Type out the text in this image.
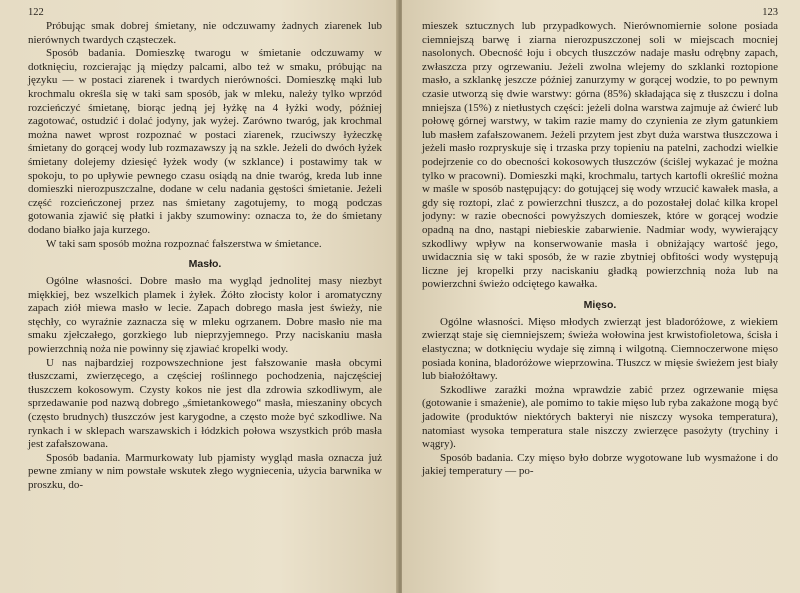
122

Próbując smak dobrej śmietany, nie odczuwamy żadnych ziarenek lub nierównych twardych cząsteczek.

Sposób badania. Domieszkę twarogu w śmietanie odczuwamy w dotknięciu, rozcierając ją między palcami, albo też w smaku, próbując na języku — w postaci ziarenek i twardych nierówności. Domieszkę mąki lub krochmalu określa się w taki sam sposób, jak w mleku, należy tylko wprzód rozcieńczyć śmietanę, biorąc jedną jej łyżkę na 4 łyżki wody, później zagotować, ostudzić i dolać jodyny, jak wyżej. Zarówno twaróg, jak krochmal można nawet wprost rozpoznać w postaci ziarenek, rzuciwszy łyżeczkę śmietany do gorącej wody lub rozmazawszy ją na szkle. Jeżeli do dwóch łyżek śmietany dolejemy dziesięć łyżek wody (w szklance) i postawimy tak w spokoju, to po upływie pewnego czasu osiądą na dnie twaróg, kreda lub inne domieszki nierozpuszczalne, dodane w celu nadania gęstości śmietanie. Jeżeli część rozcieńczonej przez nas śmietany zagotujemy, to mogą podczas gotowania zjawić się płatki i jakby szumowiny: oznacza to, że do śmietany dodano białko jaja kurzego.

W taki sam sposób można rozpoznać fałszerstwa w śmietance.

Masło.

Ogólne własności. Dobre masło ma wygląd jednolitej masy niezbyt miękkiej, bez wszelkich plamek i żyłek. Żółto złocisty kolor i aromatyczny zapach ziół miewa masło w lecie. Zapach dobrego masła jest świeży, nie stęchły, co wyraźnie zaznacza się w mleku ogrzanem. Dobre masło nie ma smaku zjełczałego, gorzkiego lub nieprzyjemnego. Przy naciskaniu masła powierzchnią noża nie powinny się zjawiać kropelki wody.

U nas najbardziej rozpowszechnione jest fałszowanie masła obcymi tłuszczami, zwierzęcego, a częściej roślinnego pochodzenia, najczęściej tłuszczem kokosowym. Czysty kokos nie jest dla zdrowia szkodliwym, ale sprzedawanie pod nazwą dobrego „śmietankowego“ masła, mieszaniny obcych (często brudnych) tłuszczów jest karygodne, a często może być szkodliwe. Na rynkach i w sklepach warszawskich i łódzkich połowa wszystkich prób masła jest zafałszowana.

Sposób badania. Marmurkowaty lub pjamisty wygląd masła oznacza już pewne zmiany w nim powstałe wskutek złego wygniecenia, użycia barwnika w proszku, do-

123

mieszek sztucznych lub przypadkowych. Nierównomiernie solone posiada ciemniejszą barwę i ziarna nierozpuszczonej soli w miejscach mocniej nasolonych. Obecność łoju i obcych tłuszczów nadaje masłu odrębny zapach, zwłaszcza przy ogrzewaniu. Jeżeli zwolna wlejemy do szklanki roztopione masło, a szklankę jeszcze później zanurzymy w gorącej wodzie, to po pewnym czasie utworzą się dwie warstwy: górna (85%) składająca się z tłuszczu i dolna mniejsza (15%) z nietłustych części: jeżeli dolna warstwa zajmuje aż ćwierć lub połowę górnej warstwy, w takim razie mamy do czynienia ze złym gatunkiem lub masłem zafałszowanem. Jeżeli przytem jest zbyt duża warstwa tłuszczowa i jeżeli masło rozpryskuje się i trzaska przy topieniu na patelni, zachodzi wielkie podejrzenie co do obecności kokosowych tłuszczów (ściślej wykazać je można tylko w pracowni). Domieszki mąki, krochmalu, tartych kartofli określić można w maśle w sposób następujący: do gotującej się wody wrzucić kawałek masła, a gdy się roztopi, zlać z powierzchni tłuszcz, a do pozostałej dolać kilka kropel jodyny: w razie obecności powyższych domieszek, które w gorącej wodzie opadną na dno, nastąpi niebieskie zabarwienie. Nadmiar wody, wywierający szkodliwy wpływ na konserwowanie masła i obniżający wartość jego, uwidacznia się w taki sposób, że w razie zbytniej obfitości wody występują liczne jej kropelki przy naciskaniu gładką powierzchnią noża lub na powierzchni świeżo odciętego kawałka.

Mięso.

Ogólne własności. Mięso młodych zwierząt jest bladoróżowe, z wiekiem zwierząt staje się ciemniejszem; świeża wołowina jest krwistofioletowa, ścisła i elastyczna; w dotknięciu wydaje się zimną i wilgotną. Ciemnoczerwone mięso posiada konina, bladoróżowe wieprzowina. Tłuszcz w mięsie świeżem jest biały lub białożółtawy.

Szkodliwe zaraźki można wprawdzie zabić przez ogrzewanie mięsa (gotowanie i smażenie), ale pomimo to takie mięso lub ryba zakażone mogą być jadowite (produktów niektórych bakteryi nie niszczy wysoka temperatura), natomiast wysoka temperatura stale niszczy zwierzęce pasożyty (trychiny i wągry).

Sposób badania. Czy mięso było dobrze wygotowane lub wysmażone i do jakiej temperatury — po-
